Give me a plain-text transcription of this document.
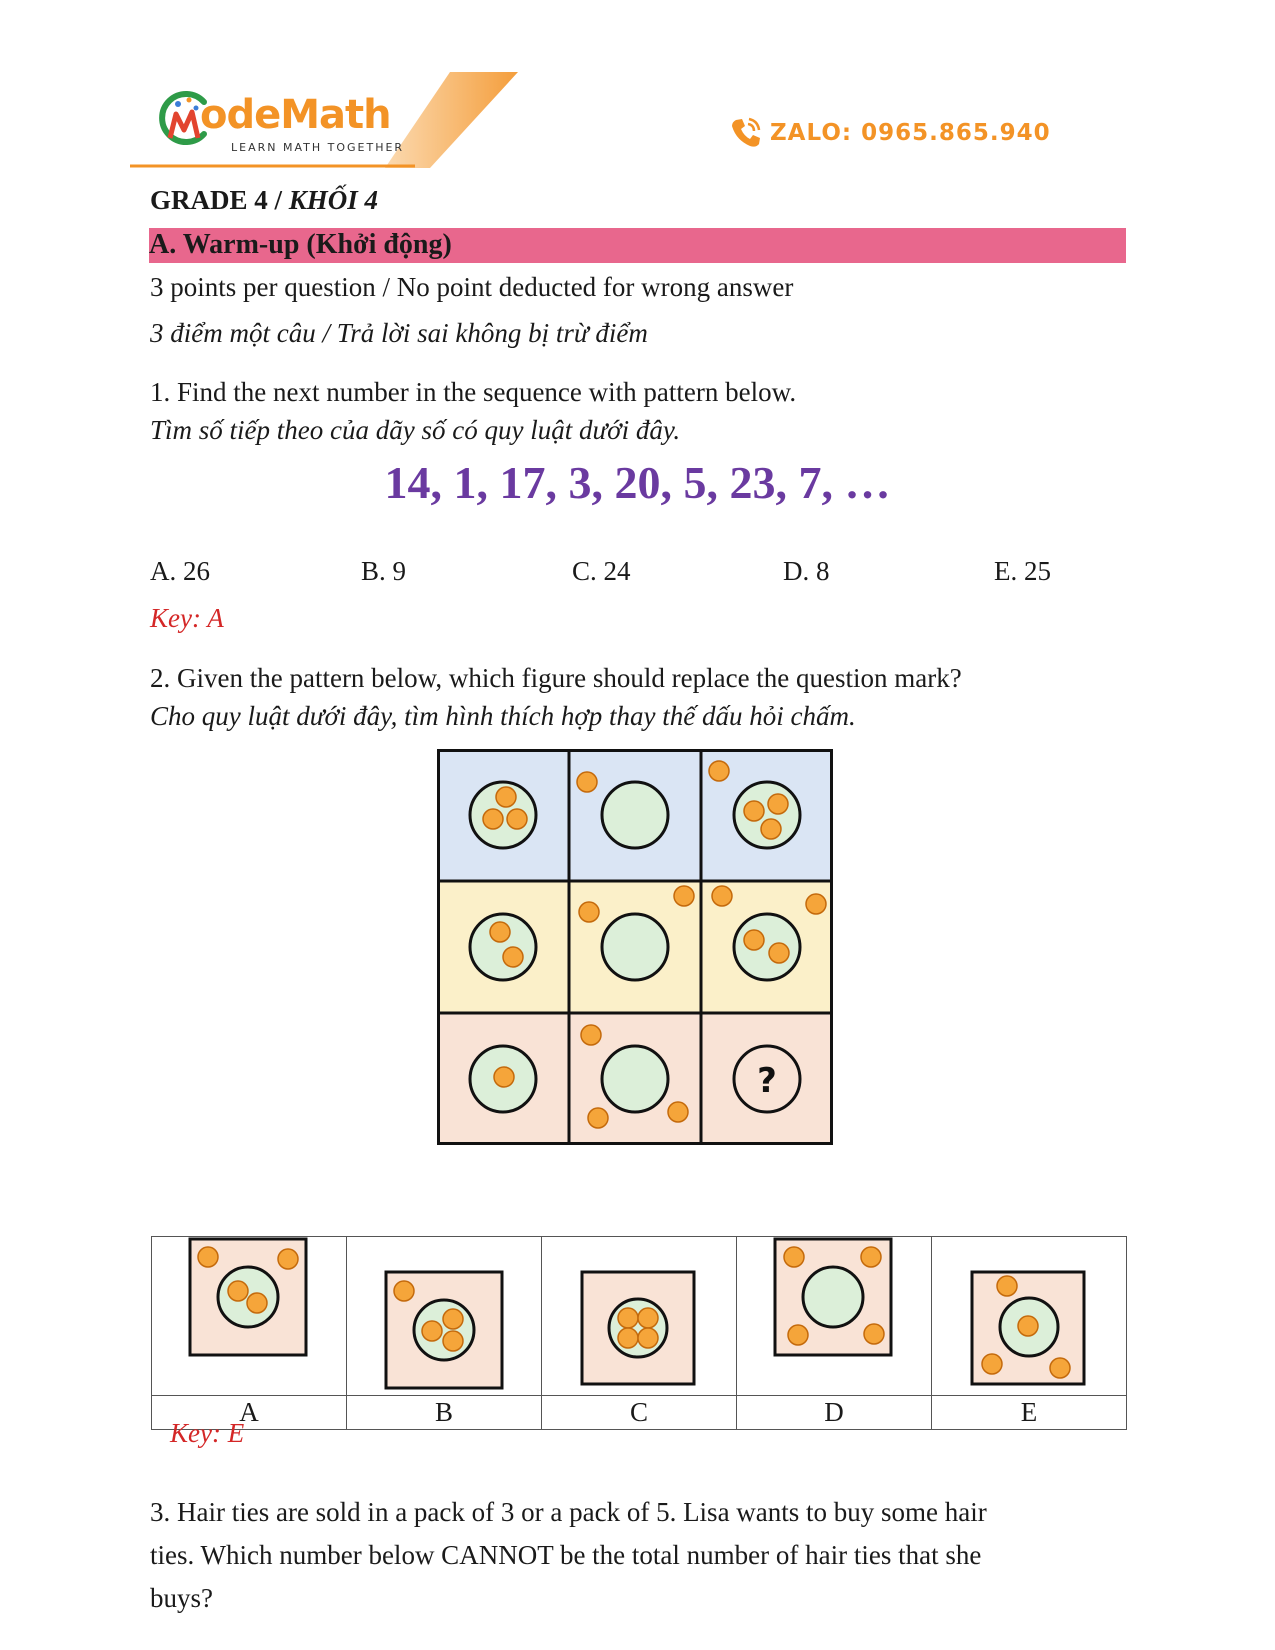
odeMath
LEARN MATH TOGETHER
ZALO: 0965.865.940
GRADE 4 / KHỐI 4
A. Warm-up (Khởi động)
3 points per question / No point deducted for wrong answer
3 điểm một câu / Trả lời sai không bị trừ điểm
1. Find the next number in the sequence with pattern below.
Tìm số tiếp theo của dãy số có quy luật dưới đây.
14, 1, 17, 3, 20, 5, 23, 7, …
A. 26	B. 9	C. 24	D. 8	E. 25
Key: A
2. Given the pattern below, which figure should replace the question mark?
Cho quy luật dưới đây, tìm hình thích hợp thay thế dấu hỏi chấm.
?

A	B	C	D	E
Key: E
3. Hair ties are sold in a pack of 3 or a pack of 5. Lisa wants to buy some hair
ties. Which number below CANNOT be the total number of hair ties that she
buys?
